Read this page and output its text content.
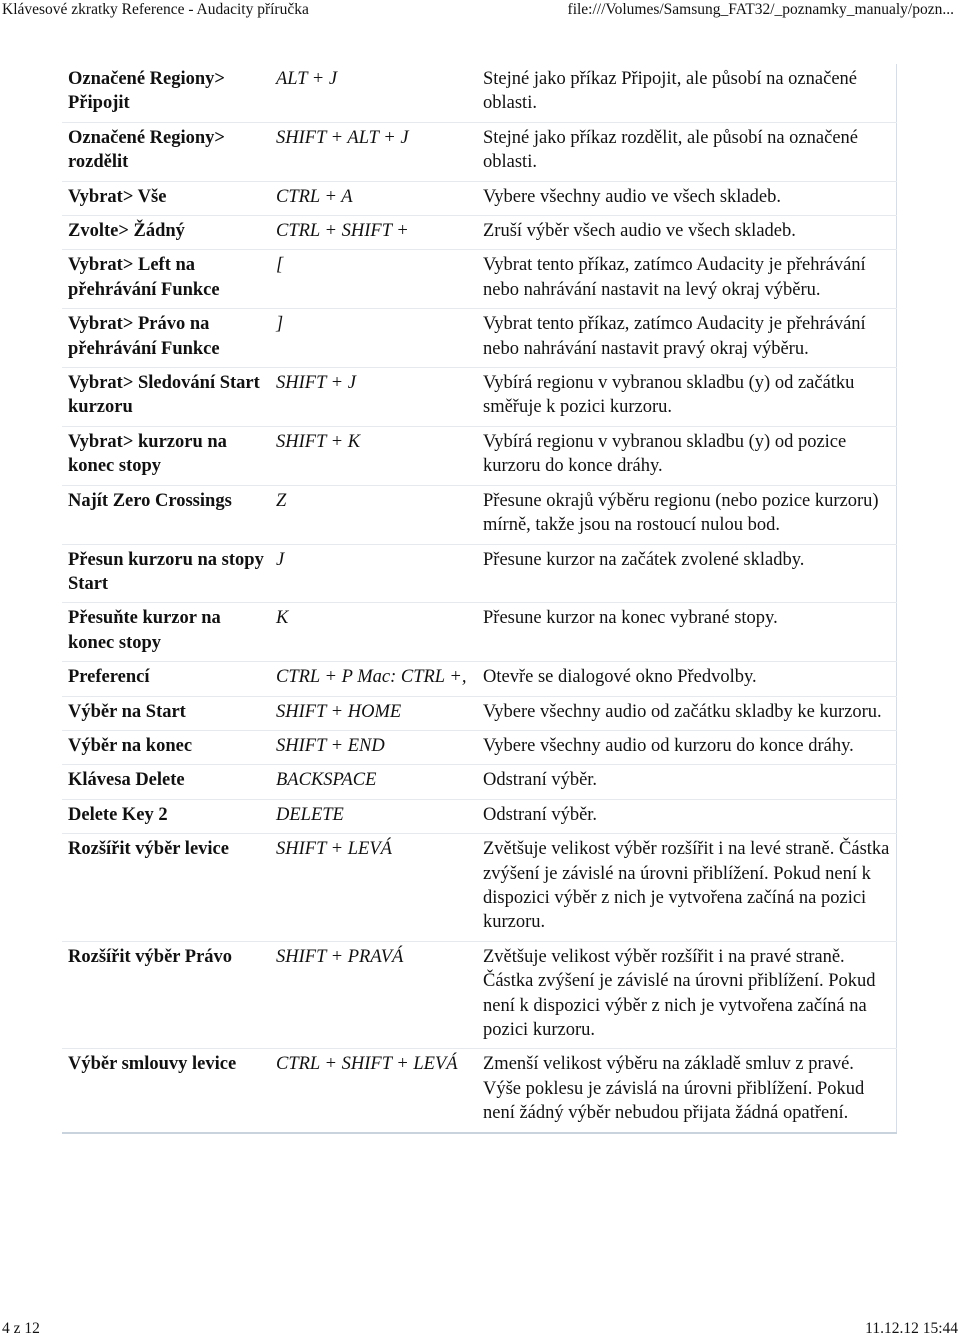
Klávesové zkratky Reference - Audacity příručka	file:///Volumes/Samsung_FAT32/_poznamky_manualy/pozn...
Označené Regiony> Připojit	ALT + J	Stejné jako příkaz Připojit, ale působí na označené oblasti.
Označené Regiony> rozdělit	SHIFT + ALT + J	Stejné jako příkaz rozdělit, ale působí na označené oblasti.
Vybrat> Vše	CTRL + A	Vybere všechny audio ve všech skladeb.
Zvolte> Žádný	CTRL + SHIFT +	Zruší výběr všech audio ve všech skladeb.
Vybrat> Left na přehrávání Funkce	[	Vybrat tento příkaz, zatímco Audacity je přehrávání nebo nahrávání nastavit na levý okraj výběru.
Vybrat> Právo na přehrávání Funkce	]	Vybrat tento příkaz, zatímco Audacity je přehrávání nebo nahrávání nastavit pravý okraj výběru.
Vybrat> Sledování Start kurzoru	SHIFT + J	Vybírá regionu v vybranou skladbu (y) od začátku směřuje k pozici kurzoru.
Vybrat> kurzoru na konec stopy	SHIFT + K	Vybírá regionu v vybranou skladbu (y) od pozice kurzoru do konce dráhy.
Najít Zero Crossings	Z	Přesune okrajů výběru regionu (nebo pozice kurzoru) mírně, takže jsou na rostoucí nulou bod.
Přesun kurzoru na stopy Start	J	Přesune kurzor na začátek zvolené skladby.
Přesuňte kurzor na konec stopy	K	Přesune kurzor na konec vybrané stopy.
Preferencí	CTRL + P Mac: CTRL +,	Otevře se dialogové okno Předvolby.
Výběr na Start	SHIFT + HOME	Vybere všechny audio od začátku skladby ke kurzoru.
Výběr na konec	SHIFT + END	Vybere všechny audio od kurzoru do konce dráhy.
Klávesa Delete	BACKSPACE	Odstraní výběr.
Delete Key 2	DELETE	Odstraní výběr.
Rozšířit výběr levice	SHIFT + LEVÁ	Zvětšuje velikost výběr rozšířit i na levé straně. Částka zvýšení je závislé na úrovni přiblížení. Pokud není k dispozici výběr z nich je vytvořena začíná na pozici kurzoru.
Rozšířit výběr Právo	SHIFT + PRAVÁ	Zvětšuje velikost výběr rozšířit i na pravé straně. Částka zvýšení je závislé na úrovni přiblížení. Pokud není k dispozici výběr z nich je vytvořena začíná na pozici kurzoru.
Výběr smlouvy levice	CTRL + SHIFT + LEVÁ	Zmenší velikost výběru na základě smluv z pravé. Výše poklesu je závislá na úrovni přiblížení. Pokud není žádný výběr nebudou přijata žádná opatření.
4 z 12	11.12.12 15:44
